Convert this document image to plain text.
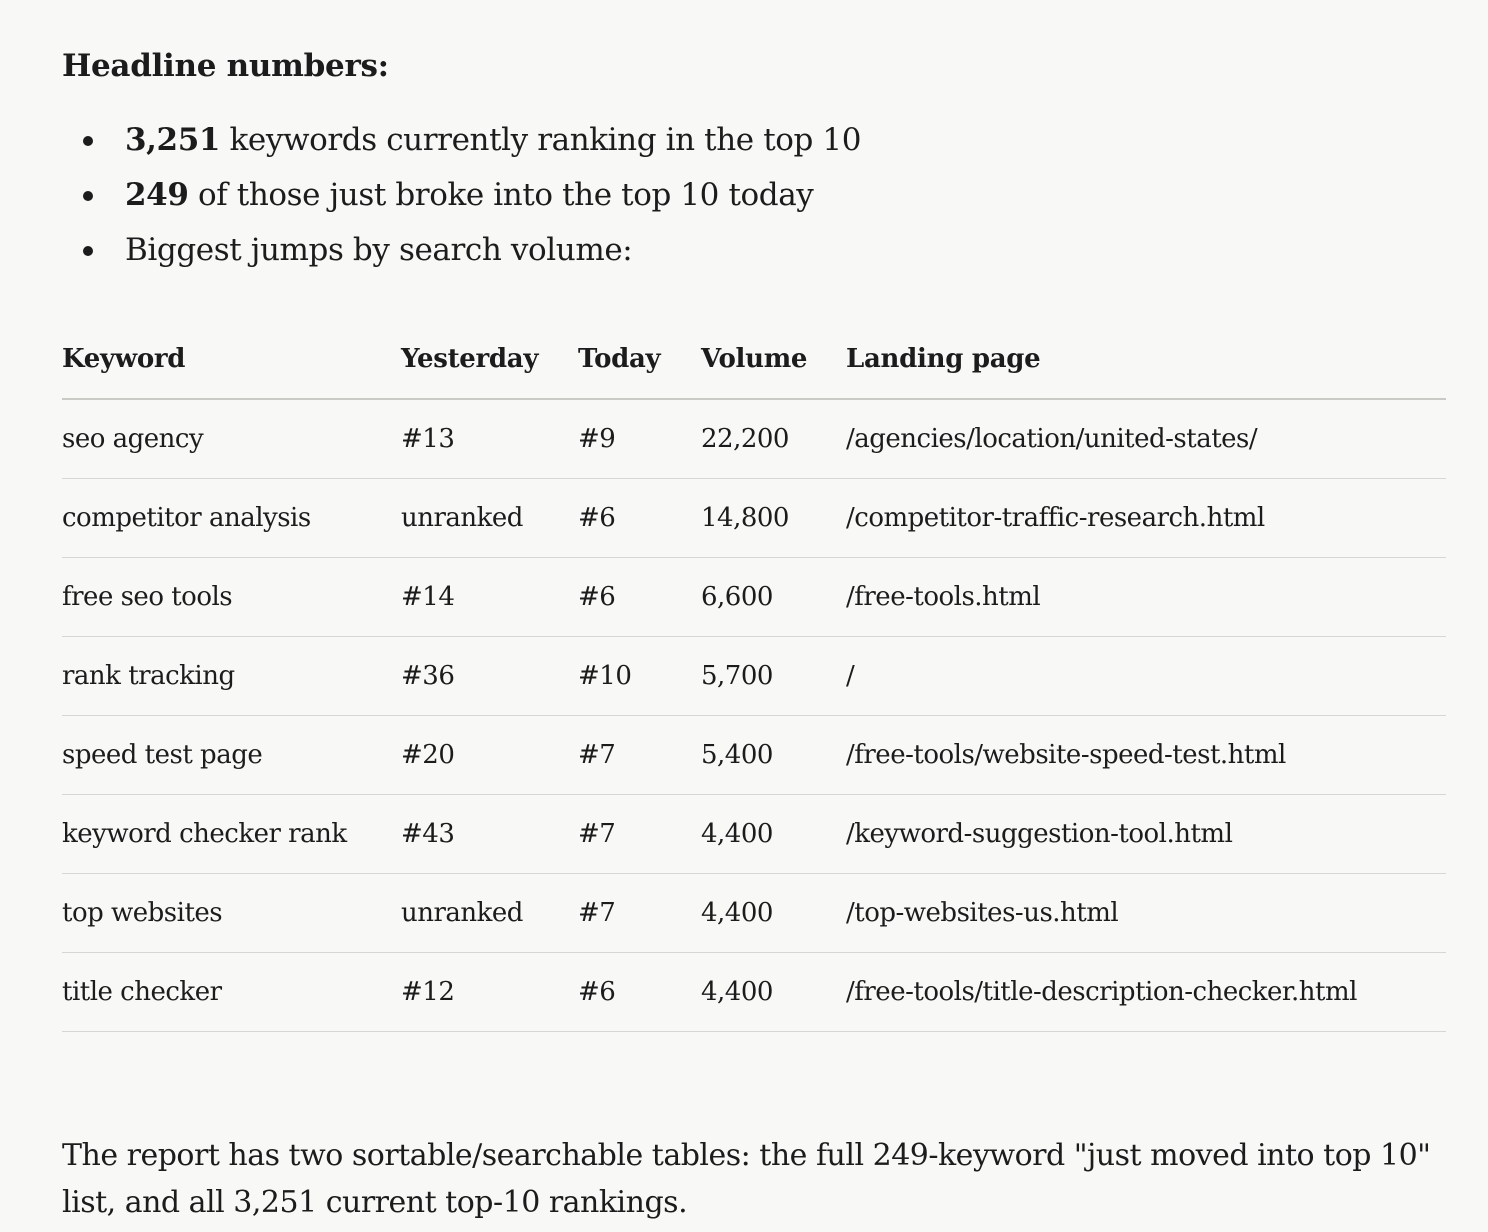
Headline numbers:
3,251 keywords currently ranking in the top 10
249 of those just broke into the top 10 today
Biggest jumps by search volume:
Keyword	Yesterday	Today	Volume	Landing page
seo agency	#13	#9	22,200	/agencies/location/united-states/
competitor analysis	unranked	#6	14,800	/competitor-traffic-research.html
free seo tools	#14	#6	6,600	/free-tools.html
rank tracking	#36	#10	5,700	/
speed test page	#20	#7	5,400	/free-tools/website-speed-test.html
keyword checker rank	#43	#7	4,400	/keyword-suggestion-tool.html
top websites	unranked	#7	4,400	/top-websites-us.html
title checker	#12	#6	4,400	/free-tools/title-description-checker.html

The report has two sortable/searchable tables: the full 249-keyword "just moved into top 10" list, and all 3,251 current top-10 rankings.
